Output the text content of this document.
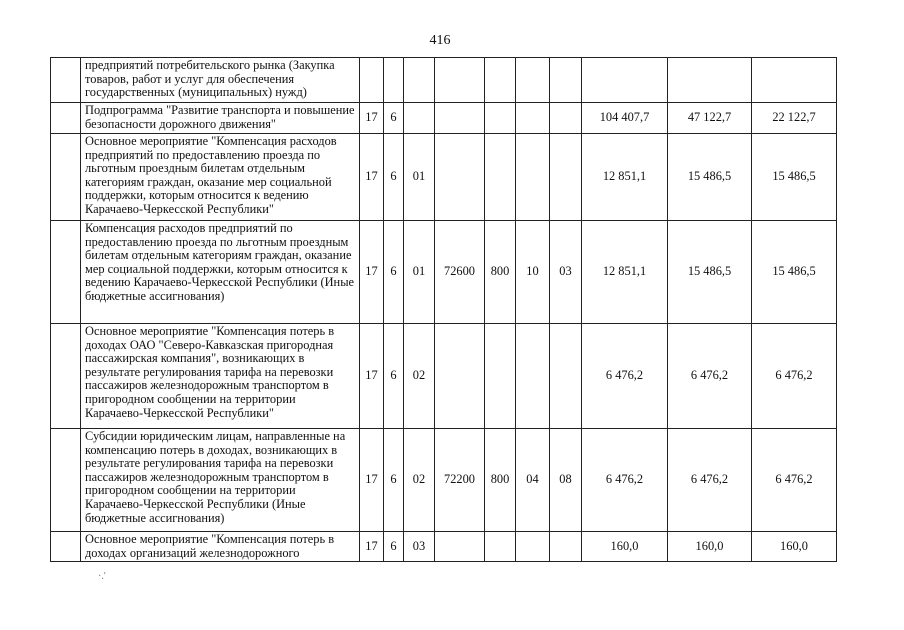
416
	предприятий потребительского рынка (Закупка товаров, работ и услуг для обеспечения государственных (муниципальных) нужд)										
	Подпрограмма "Развитие транспорта и повышение безопасности дорожного движения"	17	6						104 407,7	47 122,7	22 122,7
	Основное мероприятие "Компенсация расходов предприятий по предоставлению проезда по льготным проездным билетам отдельным категориям граждан, оказание мер социальной поддержки, которым относится к ведению Карачаево-Черкесской Республики"	17	6	01					12 851,1	15 486,5	15 486,5
	Компенсация расходов предприятий по предоставлению проезда по льготным проездным билетам отдельным категориям граждан, оказание мер социальной поддержки, которым относится к ведению Карачаево-Черкесской Республики (Иные бюджетные ассигнования)	17	6	01	72600	800	10	03	12 851,1	15 486,5	15 486,5
	Основное мероприятие "Компенсация потерь в доходах ОАО "Северо-Кавказская пригородная пассажирская компания", возникающих в результате регулирования тарифа на перевозки пассажиров железнодорожным транспортом в пригородном сообщении на территории Карачаево-Черкесской Республики"	17	6	02					6 476,2	6 476,2	6 476,2
	Субсидии юридическим лицам, направленные на компенсацию потерь в доходах, возникающих в результате регулирования тарифа на перевозки пассажиров железнодорожным транспортом в пригородном сообщении на территории Карачаево-Черкесской Республики (Иные бюджетные ассигнования)	17	6	02	72200	800	04	08	6 476,2	6 476,2	6 476,2
	Основное мероприятие "Компенсация потерь в доходах организаций железнодорожного	17	6	03					160,0	160,0	160,0
·.'
